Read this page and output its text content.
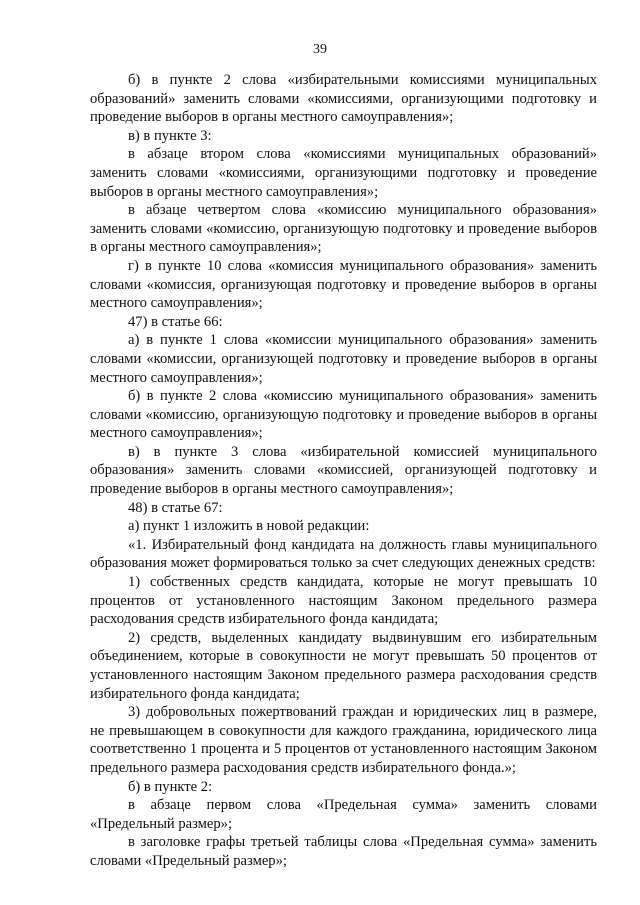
39

б) в пункте 2 слова «избирательными комиссиями муниципальных образований» заменить словами «комиссиями, организующими подготовку и проведение выборов в органы местного самоуправления»;

в) в пункте 3:

в абзаце втором слова «комиссиями муниципальных образований» заменить словами «комиссиями, организующими подготовку и проведение выборов в органы местного самоуправления»;

в абзаце четвертом слова «комиссию муниципального образования» заменить словами «комиссию, организующую подготовку и проведение выборов в органы местного самоуправления»;

г) в пункте 10 слова «комиссия муниципального образования» заменить словами «комиссия, организующая подготовку и проведение выборов в органы местного самоуправления»;

47) в статье 66:

а) в пункте 1 слова «комиссии муниципального образования» заменить словами «комиссии, организующей подготовку и проведение выборов в органы местного самоуправления»;

б) в пункте 2 слова «комиссию муниципального образования» заменить словами «комиссию, организующую подготовку и проведение выборов в органы местного самоуправления»;

в) в пункте 3 слова «избирательной комиссией муниципального образования» заменить словами «комиссией, организующей подготовку и проведение выборов в органы местного самоуправления»;

48) в статье 67:

а) пункт 1 изложить в новой редакции:

«1. Избирательный фонд кандидата на должность главы муниципального образования может формироваться только за счет следующих денежных средств:

1) собственных средств кандидата, которые не могут превышать 10 процентов от установленного настоящим Законом предельного размера расходования средств избирательного фонда кандидата;

2) средств, выделенных кандидату выдвинувшим его избирательным объединением, которые в совокупности не могут превышать 50 процентов от установленного настоящим Законом предельного размера расходования средств избирательного фонда кандидата;

3) добровольных пожертвований граждан и юридических лиц в размере, не превышающем в совокупности для каждого гражданина, юридического лица соответственно 1 процента и 5 процентов от установленного настоящим Законом предельного размера расходования средств избирательного фонда.»;

б) в пункте 2:

в абзаце первом слова «Предельная сумма» заменить словами «Предельный размер»;

в заголовке графы третьей таблицы слова «Предельная сумма» заменить словами «Предельный размер»;
